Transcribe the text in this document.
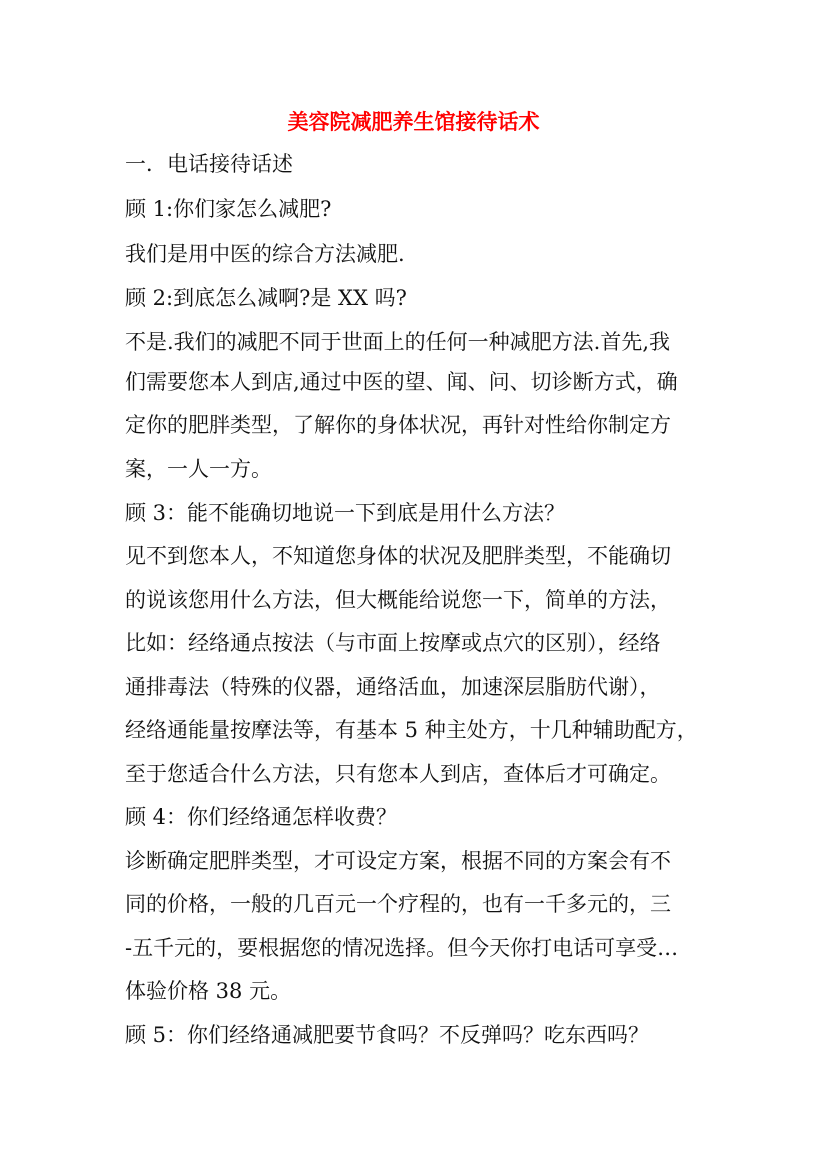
美容院减肥养生馆接待话术
一．电话接待话述
顾 1:你们家怎么减肥?
我们是用中医的综合方法减肥.
顾 2:到底怎么减啊?是 XX 吗?
不是.我们的减肥不同于世面上的任何一种减肥方法.首先,我
们需要您本人到店,通过中医的望、闻、问、切诊断方式，确
定你的肥胖类型，了解你的身体状况，再针对性给你制定方
案，一人一方。
顾 3：能不能确切地说一下到底是用什么方法？
见不到您本人，不知道您身体的状况及肥胖类型，不能确切
的说该您用什么方法，但大概能给说您一下，简单的方法，
比如：经络通点按法（与市面上按摩或点穴的区别），经络
通排毒法（特殊的仪器，通络活血，加速深层脂肪代谢），
经络通能量按摩法等，有基本 5 种主处方，十几种辅助配方，
至于您适合什么方法，只有您本人到店，查体后才可确定。
顾 4：你们经络通怎样收费？
诊断确定肥胖类型，才可设定方案，根据不同的方案会有不
同的价格，一般的几百元一个疗程的，也有一千多元的，三
-五千元的，要根据您的情况选择。但今天你打电话可享受…
体验价格 38 元。
顾 5：你们经络通减肥要节食吗？不反弹吗？吃东西吗？
